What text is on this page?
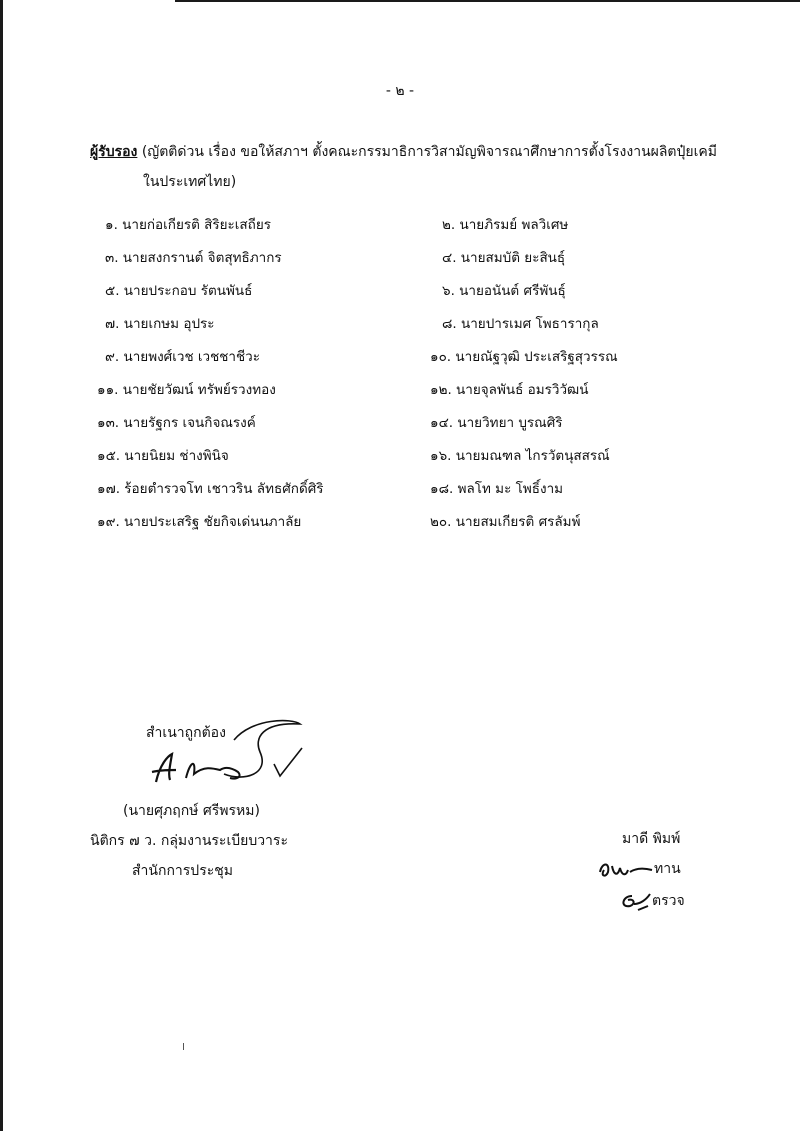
- ๒ -
ผู้รับรอง (ญัตติด่วน เรื่อง ขอให้สภาฯ ตั้งคณะกรรมาธิการวิสามัญพิจารณาศึกษาการตั้งโรงงานผลิตปุ๋ยเคมี
ในประเทศไทย)
๑. นายก่อเกียรติ สิริยะเสถียร	๒. นายภิรมย์ พลวิเศษ
๓. นายสงกรานต์ จิตสุทธิภากร	๔. นายสมบัติ ยะสินธุ์
๕. นายประกอบ รัตนพันธ์	๖. นายอนันต์ ศรีพันธุ์
๗. นายเกษม อุประ	๘. นายปารเมศ โพธารากุล
๙. นายพงศ์เวช เวชชาชีวะ	๑๐. นายณัฐวุฒิ ประเสริฐสุวรรณ
๑๑. นายชัยวัฒน์ ทรัพย์รวงทอง	๑๒. นายจุลพันธ์ อมรวิวัฒน์
๑๓. นายรัฐกร เจนกิจณรงค์	๑๔. นายวิทยา บูรณศิริ
๑๕. นายนิยม ช่างพินิจ	๑๖. นายมณฑล ไกรวัตนุสสรณ์
๑๗. ร้อยตำรวจโท เชาวริน ลัทธศักดิ์ศิริ	๑๘. พลโท มะ โพธิ์งาม
๑๙. นายประเสริฐ ชัยกิจเด่นนภาลัย	๒๐. นายสมเกียรติ ศรลัมพ์
สำเนาถูกต้อง
(นายศุภฤกษ์ ศรีพรหม)
นิติกร ๗ ว. กลุ่มงานระเบียบวาระ
สำนักการประชุม
มาดี พิมพ์
ทาน
ตรวจ
